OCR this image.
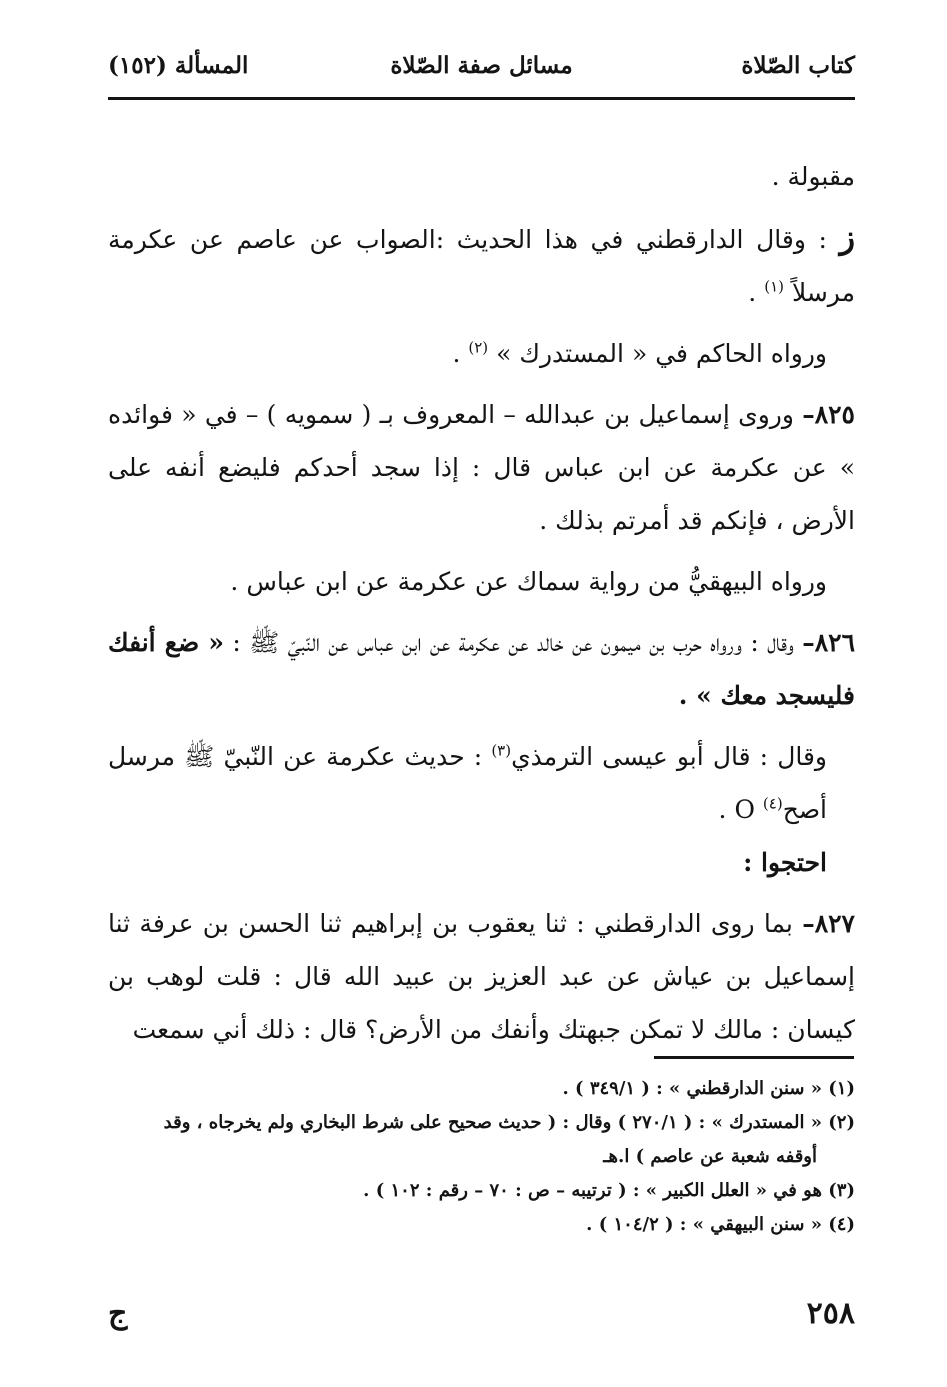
كتاب الصّلاة
مسائل صفة الصّلاة
المسألة (١٥٢)

مقبولة .

ز : وقال الدارقطني في هذا الحديث :الصواب عن عاصم عن عكرمة مرسلاً $^{(١)}$ .

ورواه الحاكم في « المستدرك » $^{(٢)}$ .

٨٢٥– وروى إسماعيل بن عبدالله – المعروف بـ ( سمويه ) – في « فوائده » عن عكرمة عن ابن عباس قال : إذا سجد أحدكم فليضع أنفه على الأرض ، فإنكم قد أمرتم بذلك .

ورواه البيهقيُّ من رواية سماك عن عكرمة عن ابن عباس .

٨٢٦– وقال : ورواه حرب بن ميمون عن خالد عن عكرمة عن ابن عباس عن النّبيّ ﷺ : « ضع أنفك فليسجد معك » .

وقال : قال أبو عيسى الترمذي$^{(٣)}$ : حديث عكرمة عن النّبيّ ﷺ مرسل أصح$^{(٤)}$ O .

احتجوا :

٨٢٧– بما روى الدارقطني : ثنا يعقوب بن إبراهيم ثنا الحسن بن عرفة ثنا إسماعيل بن عياش عن عبد العزيز بن عبيد الله قال : قلت لوهب بن كيسان : مالك لا تمكن جبهتك وأنفك من الأرض؟ قال : ذلك أني سمعت

(١) « سنن الدارقطني » : ( ٣٤٩/١ ) .

(٢) « المستدرك » : ( ٢٧٠/١ ) وقال : ( حديث صحيح على شرط البخاري ولم يخرجاه ، وقد

أوقفه شعبة عن عاصم ) ا.هـ

(٣) هو في « العلل الكبير » : ( ترتيبه – ص : ٧٠ – رقم : ١٠٢ ) .

(٤) « سنن البيهقي » : ( ١٠٤/٢ ) .

٢٥٨
ج
